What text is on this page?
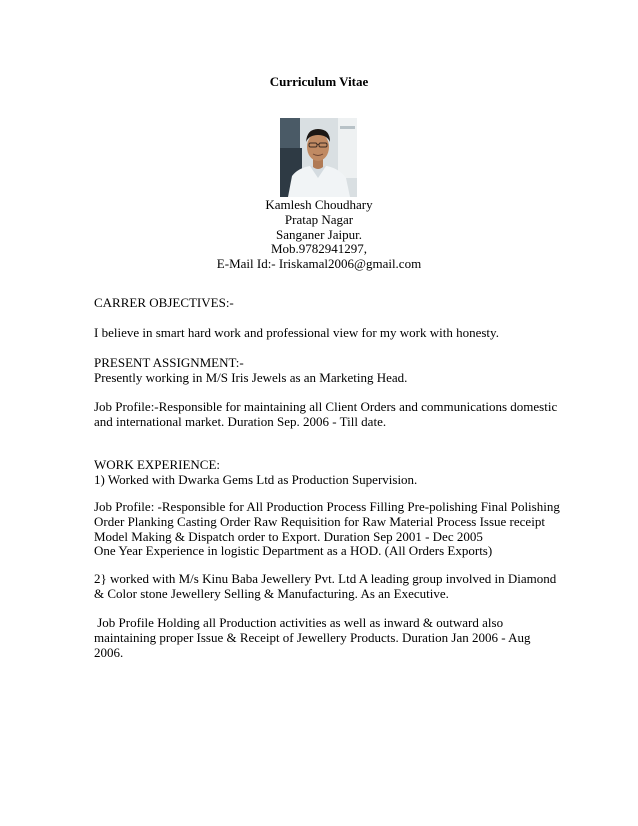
Curriculum Vitae
Kamlesh Choudhary
Pratap Nagar
Sanganer Jaipur.
Mob.9782941297,
E-Mail Id:- Iriskamal2006@gmail.com
CARRER OBJECTIVES:-
I believe in smart hard work and professional view for my work with honesty.
PRESENT ASSIGNMENT:-
Presently working in M/S Iris Jewels as an Marketing Head.
Job Profile:-Responsible for maintaining all Client Orders and communications domestic
and international market. Duration Sep. 2006 - Till date.
WORK EXPERIENCE:
1) Worked with Dwarka Gems Ltd as Production Supervision.
Job Profile: -Responsible for All Production Process Filling Pre-polishing Final Polishing
Order Planking Casting Order Raw Requisition for Raw Material Process Issue receipt
Model Making & Dispatch order to Export. Duration Sep 2001 - Dec 2005
One Year Experience in logistic Department as a HOD. (All Orders Exports)
2} worked with M/s Kinu Baba Jewellery Pvt. Ltd A leading group involved in Diamond
& Color stone Jewellery Selling & Manufacturing. As an Executive.
Job Profile Holding all Production activities as well as inward & outward also
maintaining proper Issue & Receipt of Jewellery Products. Duration Jan 2006 - Aug
2006.
